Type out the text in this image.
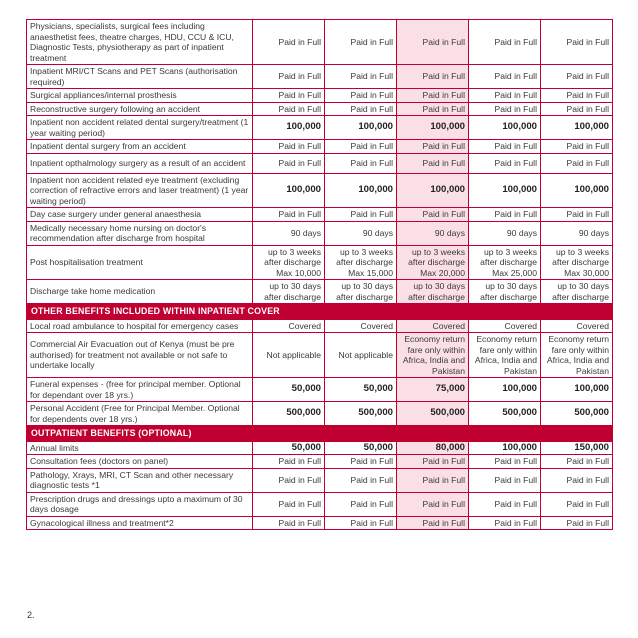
Physicians, specialists, surgical fees including anaesthetist fees, theatre charges, HDU, CCU & ICU, Diagnostic Tests, physiotherapy as part of inpatient treatment	Paid in Full	Paid in Full	Paid in Full	Paid in Full	Paid in Full
Inpatient MRI/CT Scans and PET Scans (authorisation required)	Paid in Full	Paid in Full	Paid in Full	Paid in Full	Paid in Full
Surgical appliances/internal prosthesis	Paid in Full	Paid in Full	Paid in Full	Paid in Full	Paid in Full
Reconstructive surgery following an accident	Paid in Full	Paid in Full	Paid in Full	Paid in Full	Paid in Full
Inpatient non accident related dental surgery/treatment (1 year waiting period)	100,000	100,000	100,000	100,000	100,000
Inpatient dental surgery from an accident	Paid in Full	Paid in Full	Paid in Full	Paid in Full	Paid in Full
Inpatient opthalmology surgery as a result of an accident	Paid in Full	Paid in Full	Paid in Full	Paid in Full	Paid in Full
Inpatient non accident related eye treatment (excluding correction of refractive errors and laser treatment) (1 year waiting period)	100,000	100,000	100,000	100,000	100,000
Day case surgery under general anaesthesia	Paid in Full	Paid in Full	Paid in Full	Paid in Full	Paid in Full
Medically necessary home nursing on doctor's recommendation after discharge from hospital	90 days	90 days	90 days	90 days	90 days
Post hospitalisation treatment	up to 3 weeks after discharge Max 10,000	up to 3 weeks after discharge Max 15,000	up to 3 weeks after discharge Max 20,000	up to 3 weeks after discharge Max 25,000	up to 3 weeks after discharge Max 30,000
Discharge take home medication	up to 30 days after discharge	up to 30 days after discharge	up to 30 days after discharge	up to 30 days after discharge	up to 30 days after discharge
OTHER BENEFITS INCLUDED WITHIN INPATIENT COVER					
Local road ambulance to hospital for emergency cases	Covered	Covered	Covered	Covered	Covered
Commercial Air Evacuation out of Kenya (must be pre authorised) for treatment not available or not safe to undertake locally	Not applicable	Not applicable	Economy return fare only within Africa, India and Pakistan	Economy return fare only within Africa, India and Pakistan	Economy return fare only within Africa, India and Pakistan
Funeral expenses - (free for principal member. Optional for dependant over 18 yrs.)	50,000	50,000	75,000	100,000	100,000
Personal Accident (Free for Principal Member. Optional for dependents over 18 yrs.)	500,000	500,000	500,000	500,000	500,000
OUTPATIENT BENEFITS (OPTIONAL)					
Annual limits	50,000	50,000	80,000	100,000	150,000
Consultation fees (doctors on panel)	Paid in Full	Paid in Full	Paid in Full	Paid in Full	Paid in Full
Pathology, Xrays, MRI, CT Scan and other necessary diagnostic tests *1	Paid in Full	Paid in Full	Paid in Full	Paid in Full	Paid in Full
Prescription drugs and dressings upto a maximum of 30 days dosage	Paid in Full	Paid in Full	Paid in Full	Paid in Full	Paid in Full
Gynacological illness and treatment*2	Paid in Full	Paid in Full	Paid in Full	Paid in Full	Paid in Full
2.
